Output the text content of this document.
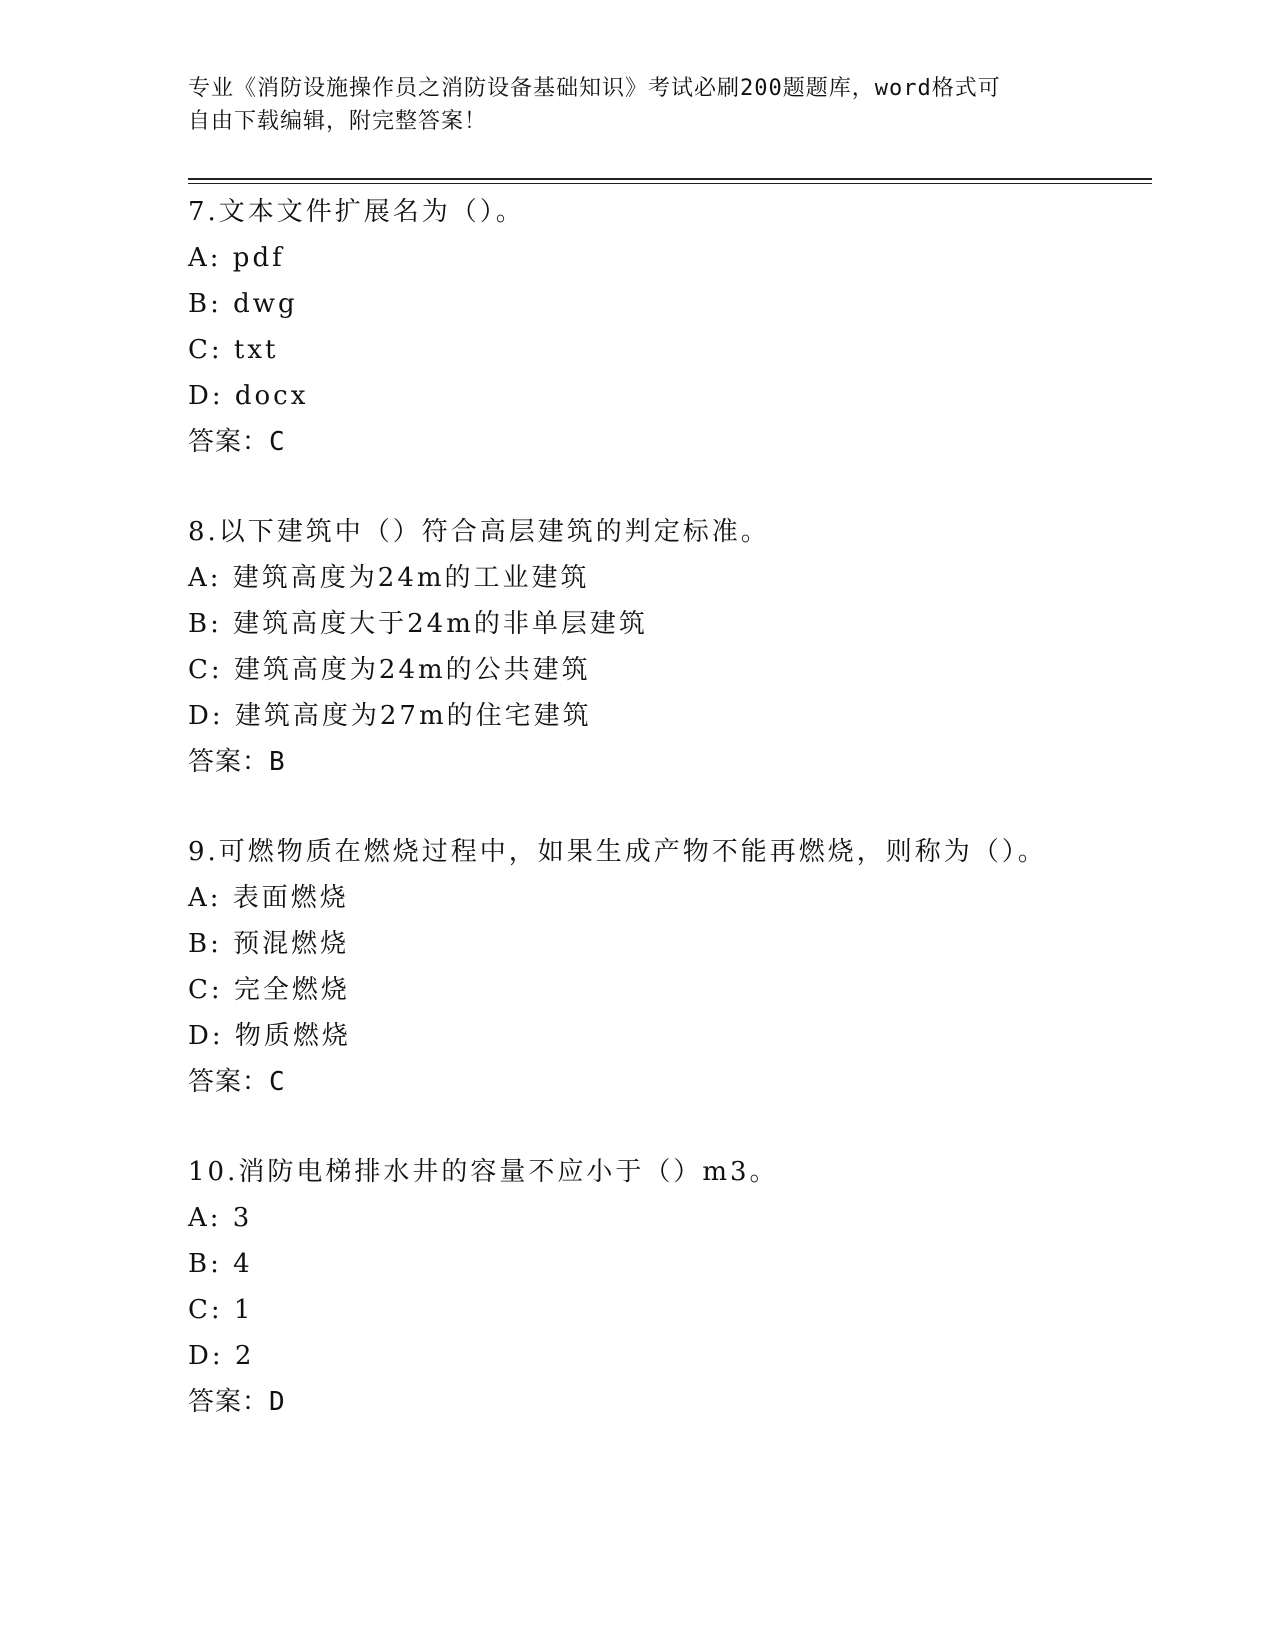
专业《消防设施操作员之消防设备基础知识》考试必刷200题题库，word格式可
自由下载编辑，附完整答案！
7.文本文件扩展名为（）。
A: pdf
B: dwg
C: txt
D: docx
答案：C
8.以下建筑中（）符合高层建筑的判定标准。
A: 建筑高度为24m的工业建筑
B: 建筑高度大于24m的非单层建筑
C: 建筑高度为24m的公共建筑
D: 建筑高度为27m的住宅建筑
答案：B
9.可燃物质在燃烧过程中，如果生成产物不能再燃烧，则称为（）。
A: 表面燃烧
B: 预混燃烧
C: 完全燃烧
D: 物质燃烧
答案：C
10.消防电梯排水井的容量不应小于（）m3。
A: 3
B: 4
C: 1
D: 2
答案：D
